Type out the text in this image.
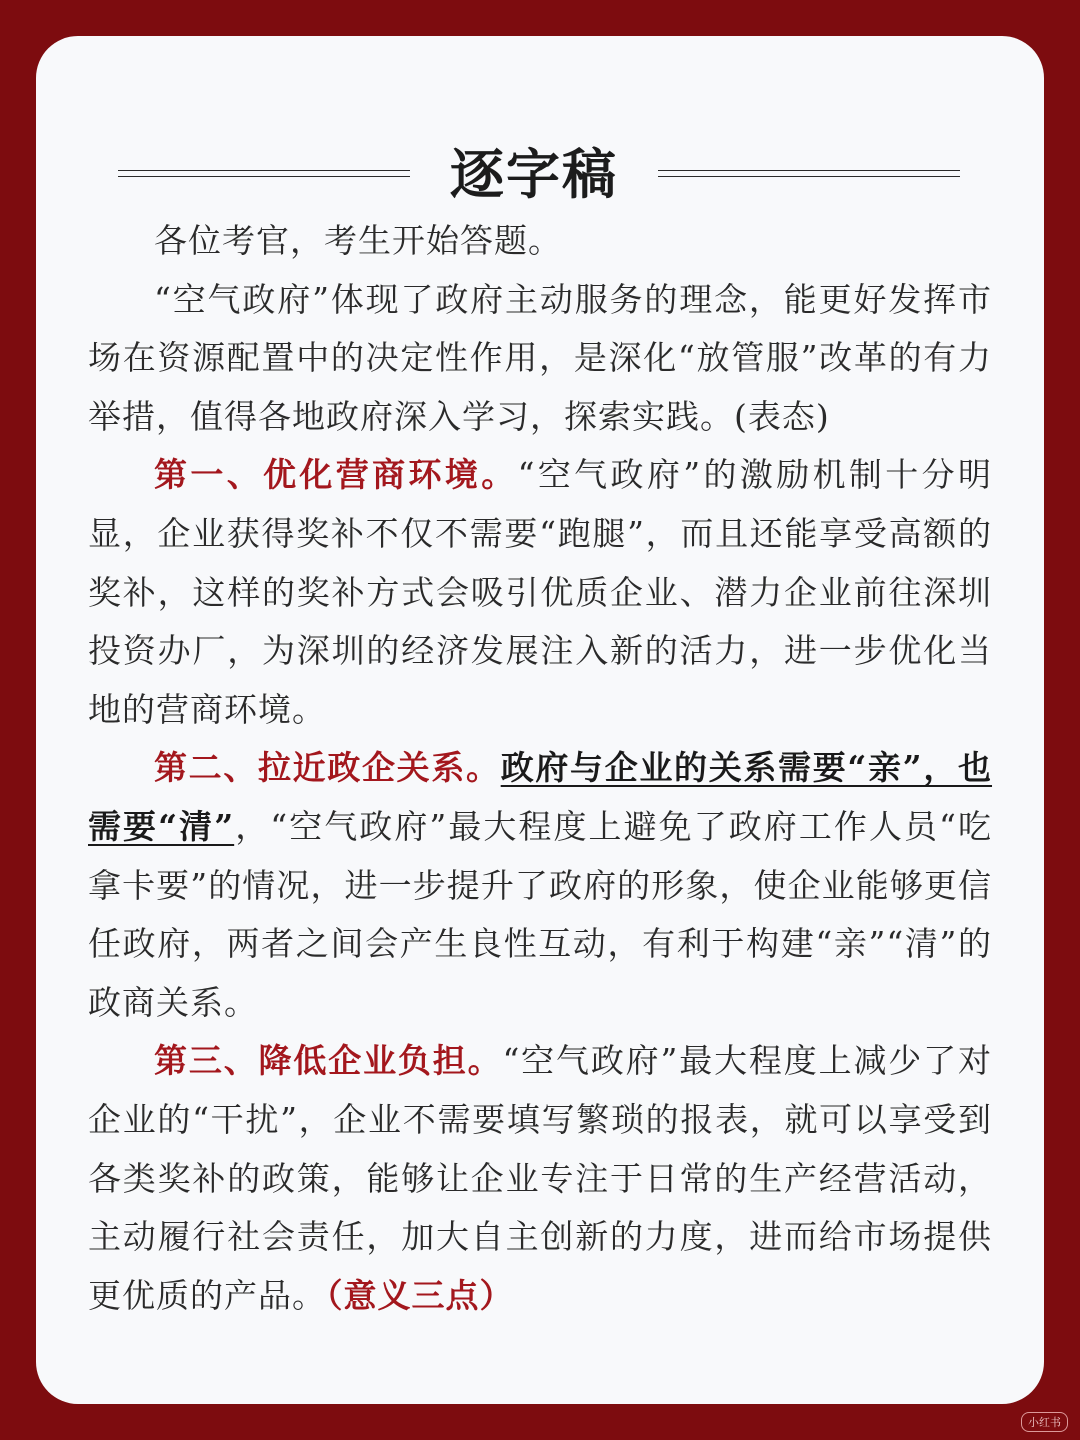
逐字稿

各位考官，考生开始答题。

“空气政府”体现了政府主动服务的理念，能更好发挥市场在资源配置中的决定性作用，是深化“放管服”改革的有力举措，值得各地政府深入学习，探索实践。(表态)

第一、优化营商环境。“空气政府”的激励机制十分明显，企业获得奖补不仅不需要“跑腿”，而且还能享受高额的奖补，这样的奖补方式会吸引优质企业、潜力企业前往深圳投资办厂，为深圳的经济发展注入新的活力，进一步优化当地的营商环境。

第二、拉近政企关系。政府与企业的关系需要“亲”，也需要“清”，“空气政府”最大程度上避免了政府工作人员“吃拿卡要”的情况，进一步提升了政府的形象，使企业能够更信任政府，两者之间会产生良性互动，有利于构建“亲”“清”的政商关系。

第三、降低企业负担。“空气政府”最大程度上减少了对企业的“干扰”，企业不需要填写繁琐的报表，就可以享受到各类奖补的政策，能够让企业专注于日常的生产经营活动，主动履行社会责任，加大自主创新的力度，进而给市场提供更优质的产品。（意义三点）

小红书
